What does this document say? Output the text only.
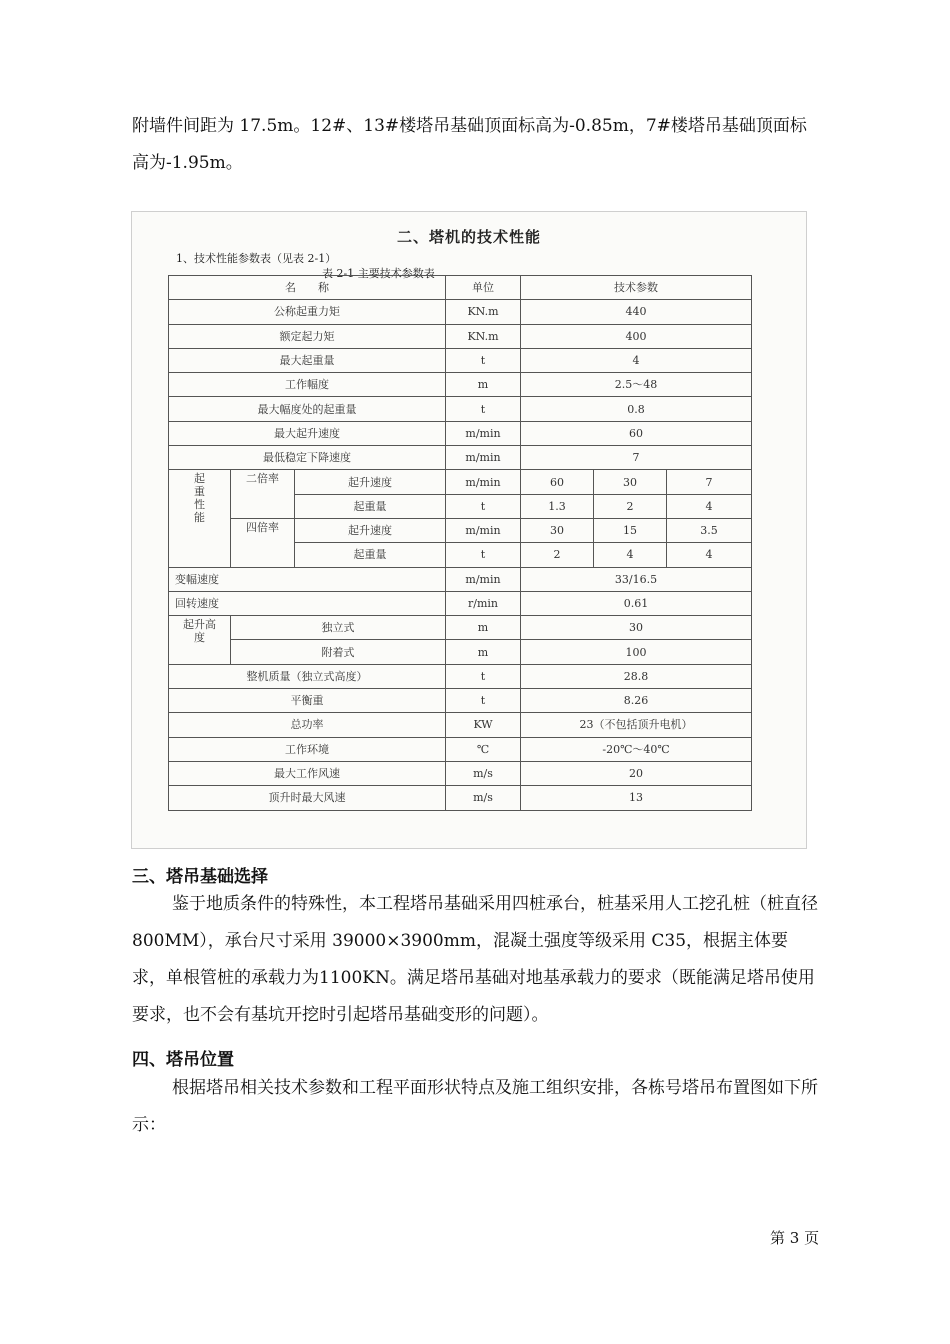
附墙件间距为 17.5m。12#、13#楼塔吊基础顶面标高为-0.85m，7#楼塔吊基础顶面标高为-1.95m。

二、塔机的技术性能
1、技术性能参数表（见表 2-1）
表 2-1 主要技术参数表
名　　称			单位	技术参数		
公称起重力矩			KN.m	440		
额定起力矩			KN.m	400		
最大起重量			t	4		
工作幅度			m	2.5～48		
最大幅度处的起重量			t	0.8		
最大起升速度			m/min	60		
最低稳定下降速度			m/min	7		
起重性能	二倍率	起升速度	m/min	60	30	7
		起重量	t	1.3	2	4
	四倍率	起升速度	m/min	30	15	3.5
		起重量	t	2	4	4
变幅速度			m/min	33/16.5		
回转速度			r/min	0.61		
起升高度	独立式		m	30		
	附着式		m	100		
整机质量（独立式高度）			t	28.8		
平衡重			t	8.26		
总功率			KW	23（不包括顶升电机）		
工作环境			℃	-20℃～40℃		
最大工作风速			m/s	20		
顶升时最大风速			m/s	13		
三、塔吊基础选择

鉴于地质条件的特殊性，本工程塔吊基础采用四桩承台，桩基采用人工挖孔桩（桩直径 800MM），承台尺寸采用 39000×3900mm，混凝土强度等级采用 C35，根据主体要求，单根管桩的承载力为1100KN。满足塔吊基础对地基承载力的要求（既能满足塔吊使用要求，也不会有基坑开挖时引起塔吊基础变形的问题）。

四、塔吊位置

根据塔吊相关技术参数和工程平面形状特点及施工组织安排，各栋号塔吊布置图如下所示：

第 3 页
